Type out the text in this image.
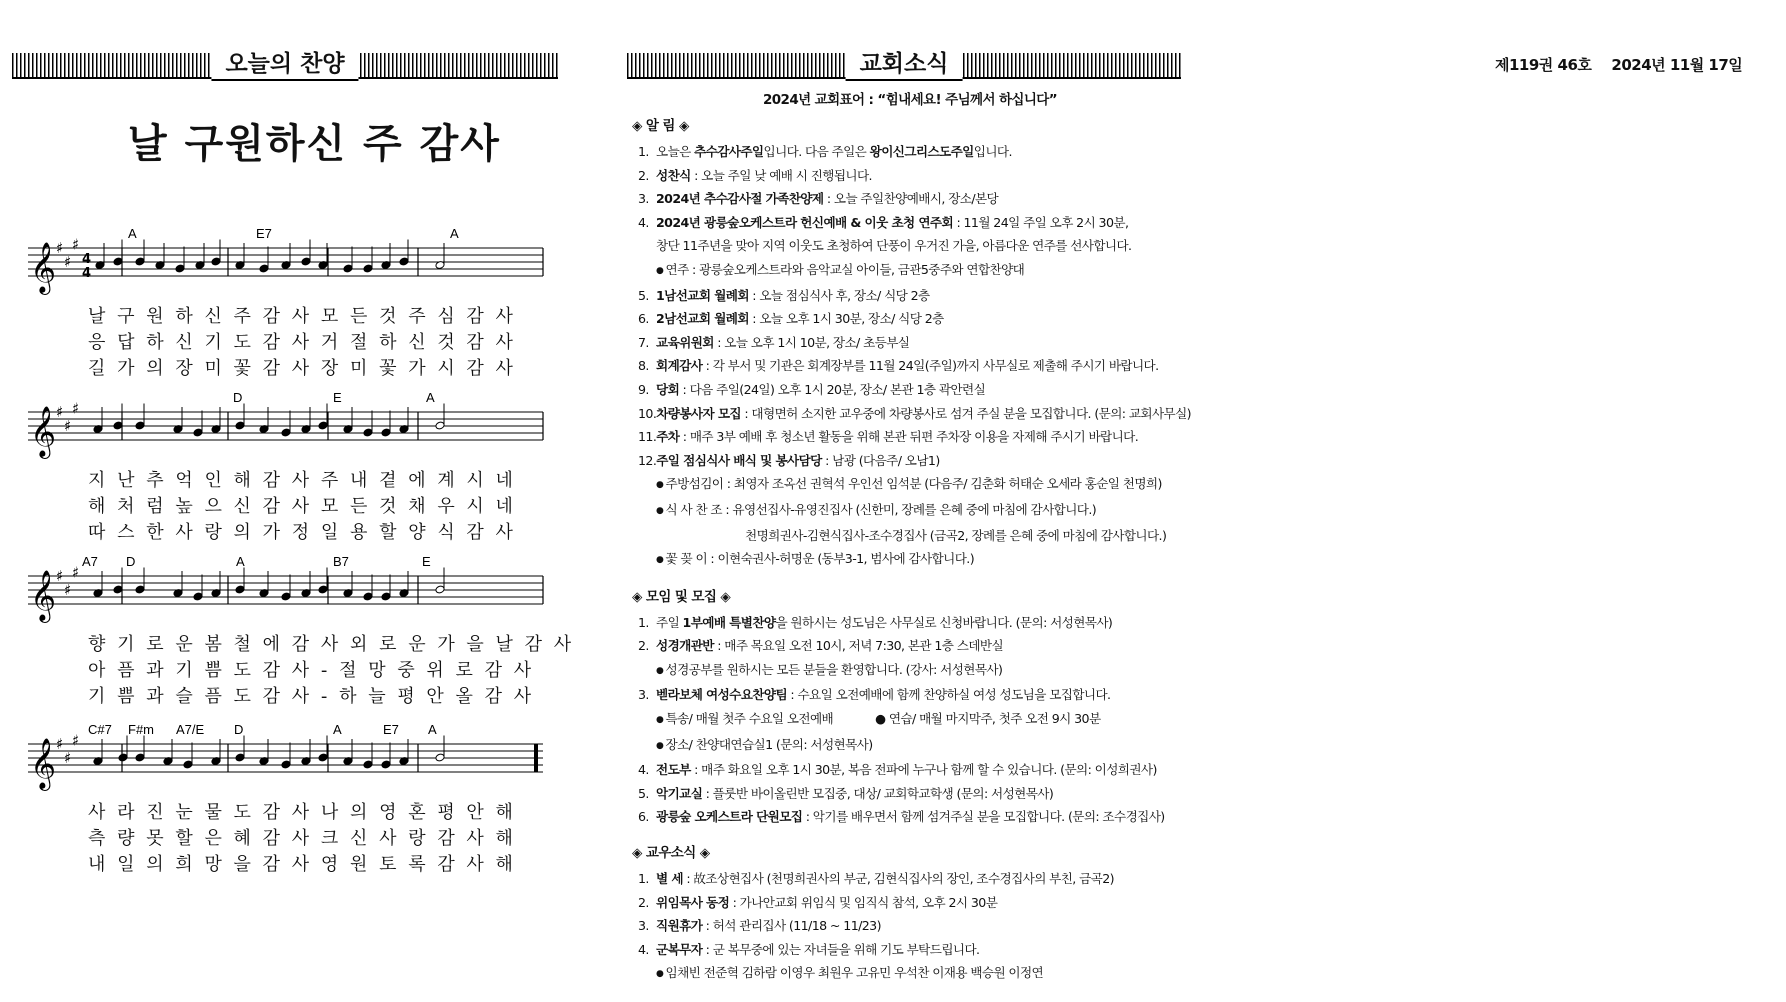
오늘의 찬양	교회소식	제119권 46호 2024년 11월 17일
날 구원하신 주 감사
𝄞 ♯
♯
♯
4
4
A	E7	A
날 구 원 하 신 주 감 사 모 든 것 주 심 감 사
응 답 하 신 기 도 감 사 거 절 하 신 것 감 사
길 가 의 장 미 꽃 감 사 장 미 꽃 가 시 감 사
𝄞 ♯
♯
♯
D	E	A
지 난 추 억 인 해 감 사 주 내 곁 에 계 시 네
해 처 럼 높 으 신 감 사 모 든 것 채 우 시 네
따 스 한 사 랑 의 가 정 일 용 할 양 식 감 사
𝄞 ♯
♯
♯
A7 D	A	B7	E
향 기 로 운 봄 철 에 감 사 외 로 운 가 을 날 감 사
아 픔 과 기 쁨 도 감 사 - 절 망 중 위 로 감 사
기 쁨 과 슬 픔 도 감 사 - 하 늘 평 안 올 감 사
𝄞 ♯
♯
♯
C#7 F#m A7/E D	A	E7 A
사 라 진 눈 물 도 감 사 나 의 영 혼 평 안 해
측 량 못 할 은 혜 감 사 크 신 사 랑 감 사 해
내 일 의 희 망 을 감 사 영 원 토 록 감 사 해
2024년 교회표어 : “힘내세요! 주님께서 하십니다”
◈ 알 림 ◈
1. 오늘은 추수감사주일입니다. 다음 주일은 왕이신그리스도주일입니다.
2. 성찬식 : 오늘 주일 낮 예배 시 진행됩니다.
3. 2024년 추수감사절 가족찬양제 : 오늘 주일찬양예배시, 장소/본당
4. 2024년 광릉숲오케스트라 헌신예배 & 이웃 초청 연주회 : 11월 24일 주일 오후 2시 30분,
창단 11주년을 맞아 지역 이웃도 초청하여 단풍이 우거진 가을, 아름다운 연주를 선사합니다.
● 연주 : 광릉숲오케스트라와 음악교실 아이들, 금관5중주와 연합찬양대
5. 1남선교회 월례회 : 오늘 점심식사 후, 장소/ 식당 2층
6. 2남선교회 월례회 : 오늘 오후 1시 30분, 장소/ 식당 2층
7. 교육위원회 : 오늘 오후 1시 10분, 장소/ 초등부실
8. 회계감사 : 각 부서 및 기관은 회계장부를 11월 24일(주일)까지 사무실로 제출해 주시기 바랍니다.
9. 당회 : 다음 주일(24일) 오후 1시 20분, 장소/ 본관 1층 곽안련실
10.차량봉사자 모집 : 대형면허 소지한 교우중에 차량봉사로 섬겨 주실 분을 모집합니다. (문의: 교회사무실)
11.주차 : 매주 3부 예배 후 청소년 활동을 위해 본관 뒤편 주차장 이용을 자제해 주시기 바랍니다.
12.주일 점심식사 배식 및 봉사담당 : 남광 (다음주/ 오남1)
● 주방섬김이 : 최영자 조옥선 권혁석 우인선 임석분 (다음주/ 김춘화 허태순 오세라 홍순일 천명희)
● 식 사 찬 조 : 유영선집사-유영진집사 (신한미, 장례를 은혜 중에 마침에 감사합니다.)
천명희권사-김현식집사-조수경집사 (금곡2, 장례를 은혜 중에 마침에 감사합니다.)
● 꽃 꽂 이 : 이현숙권사-허명운 (동부3-1, 범사에 감사합니다.)
◈ 모임 및 모집 ◈
1. 주일 1부예배 특별찬양을 원하시는 성도님은 사무실로 신청바랍니다. (문의: 서성현목사)
2. 성경개관반 : 매주 목요일 오전 10시, 저녁 7:30, 본관 1층 스데반실
● 성경공부를 원하시는 모든 분들을 환영합니다. (강사: 서성현목사)
3. 벧라보체 여성수요찬양팀 : 수요일 오전예배에 함께 찬양하실 여성 성도님을 모집합니다.
● 특송/ 매월 첫주 수요일 오전예배	● 연습/ 매월 마지막주, 첫주 오전 9시 30분
● 장소/ 찬양대연습실1 (문의: 서성현목사)
4. 전도부 : 매주 화요일 오후 1시 30분, 복음 전파에 누구나 함께 할 수 있습니다. (문의: 이성희권사)
5. 악기교실 : 플룻반 바이올린반 모집중, 대상/ 교회학교학생 (문의: 서성현목사)
6. 광릉숲 오케스트라 단원모집 : 악기를 배우면서 함께 섬겨주실 분을 모집합니다. (문의: 조수경집사)
◈ 교우소식 ◈
1. 별 세 : 故조상현집사 (천명희권사의 부군, 김현식집사의 장인, 조수경집사의 부친, 금곡2)
2. 위임목사 동정 : 가나안교회 위임식 및 임직식 참석, 오후 2시 30분
3. 직원휴가 : 허석 관리집사 (11/18 ~ 11/23)
4. 군복무자 : 군 복무중에 있는 자녀들을 위해 기도 부탁드립니다.
● 임채빈 전준혁 김하람 이영우 최원우 고유민 우석찬 이재용 백승원 이정연
